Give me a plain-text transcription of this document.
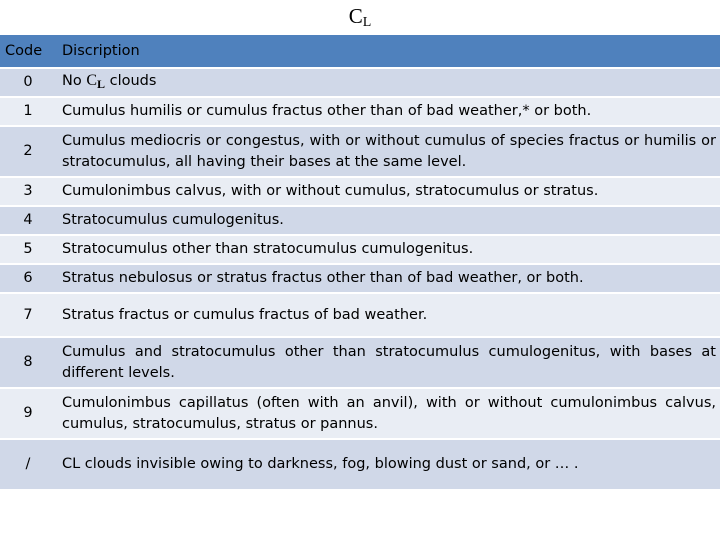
$C_L$
Code	Discription
0	No $C_L$ clouds
1	Cumulus humilis or cumulus fractus other than of bad weather,* or both.
2	Cumulus mediocris or congestus, with or without cumulus of species fractus or humilis or stratocumulus, all having their bases at the same level.
3	Cumulonimbus calvus, with or without cumulus, stratocumulus or stratus.
4	Stratocumulus cumulogenitus.
5	Stratocumulus other than stratocumulus cumulogenitus.
6	Stratus nebulosus or stratus fractus other than of bad weather, or both.
7	Stratus fractus or cumulus fractus of bad weather.
8	Cumulus and stratocumulus other than stratocumulus cumulogenitus, with bases at different levels.
9	Cumulonimbus capillatus (often with an anvil), with or without cumulonimbus calvus, cumulus, stratocumulus, stratus or pannus.
/	CL clouds invisible owing to darkness, fog, blowing dust or sand, or … .
